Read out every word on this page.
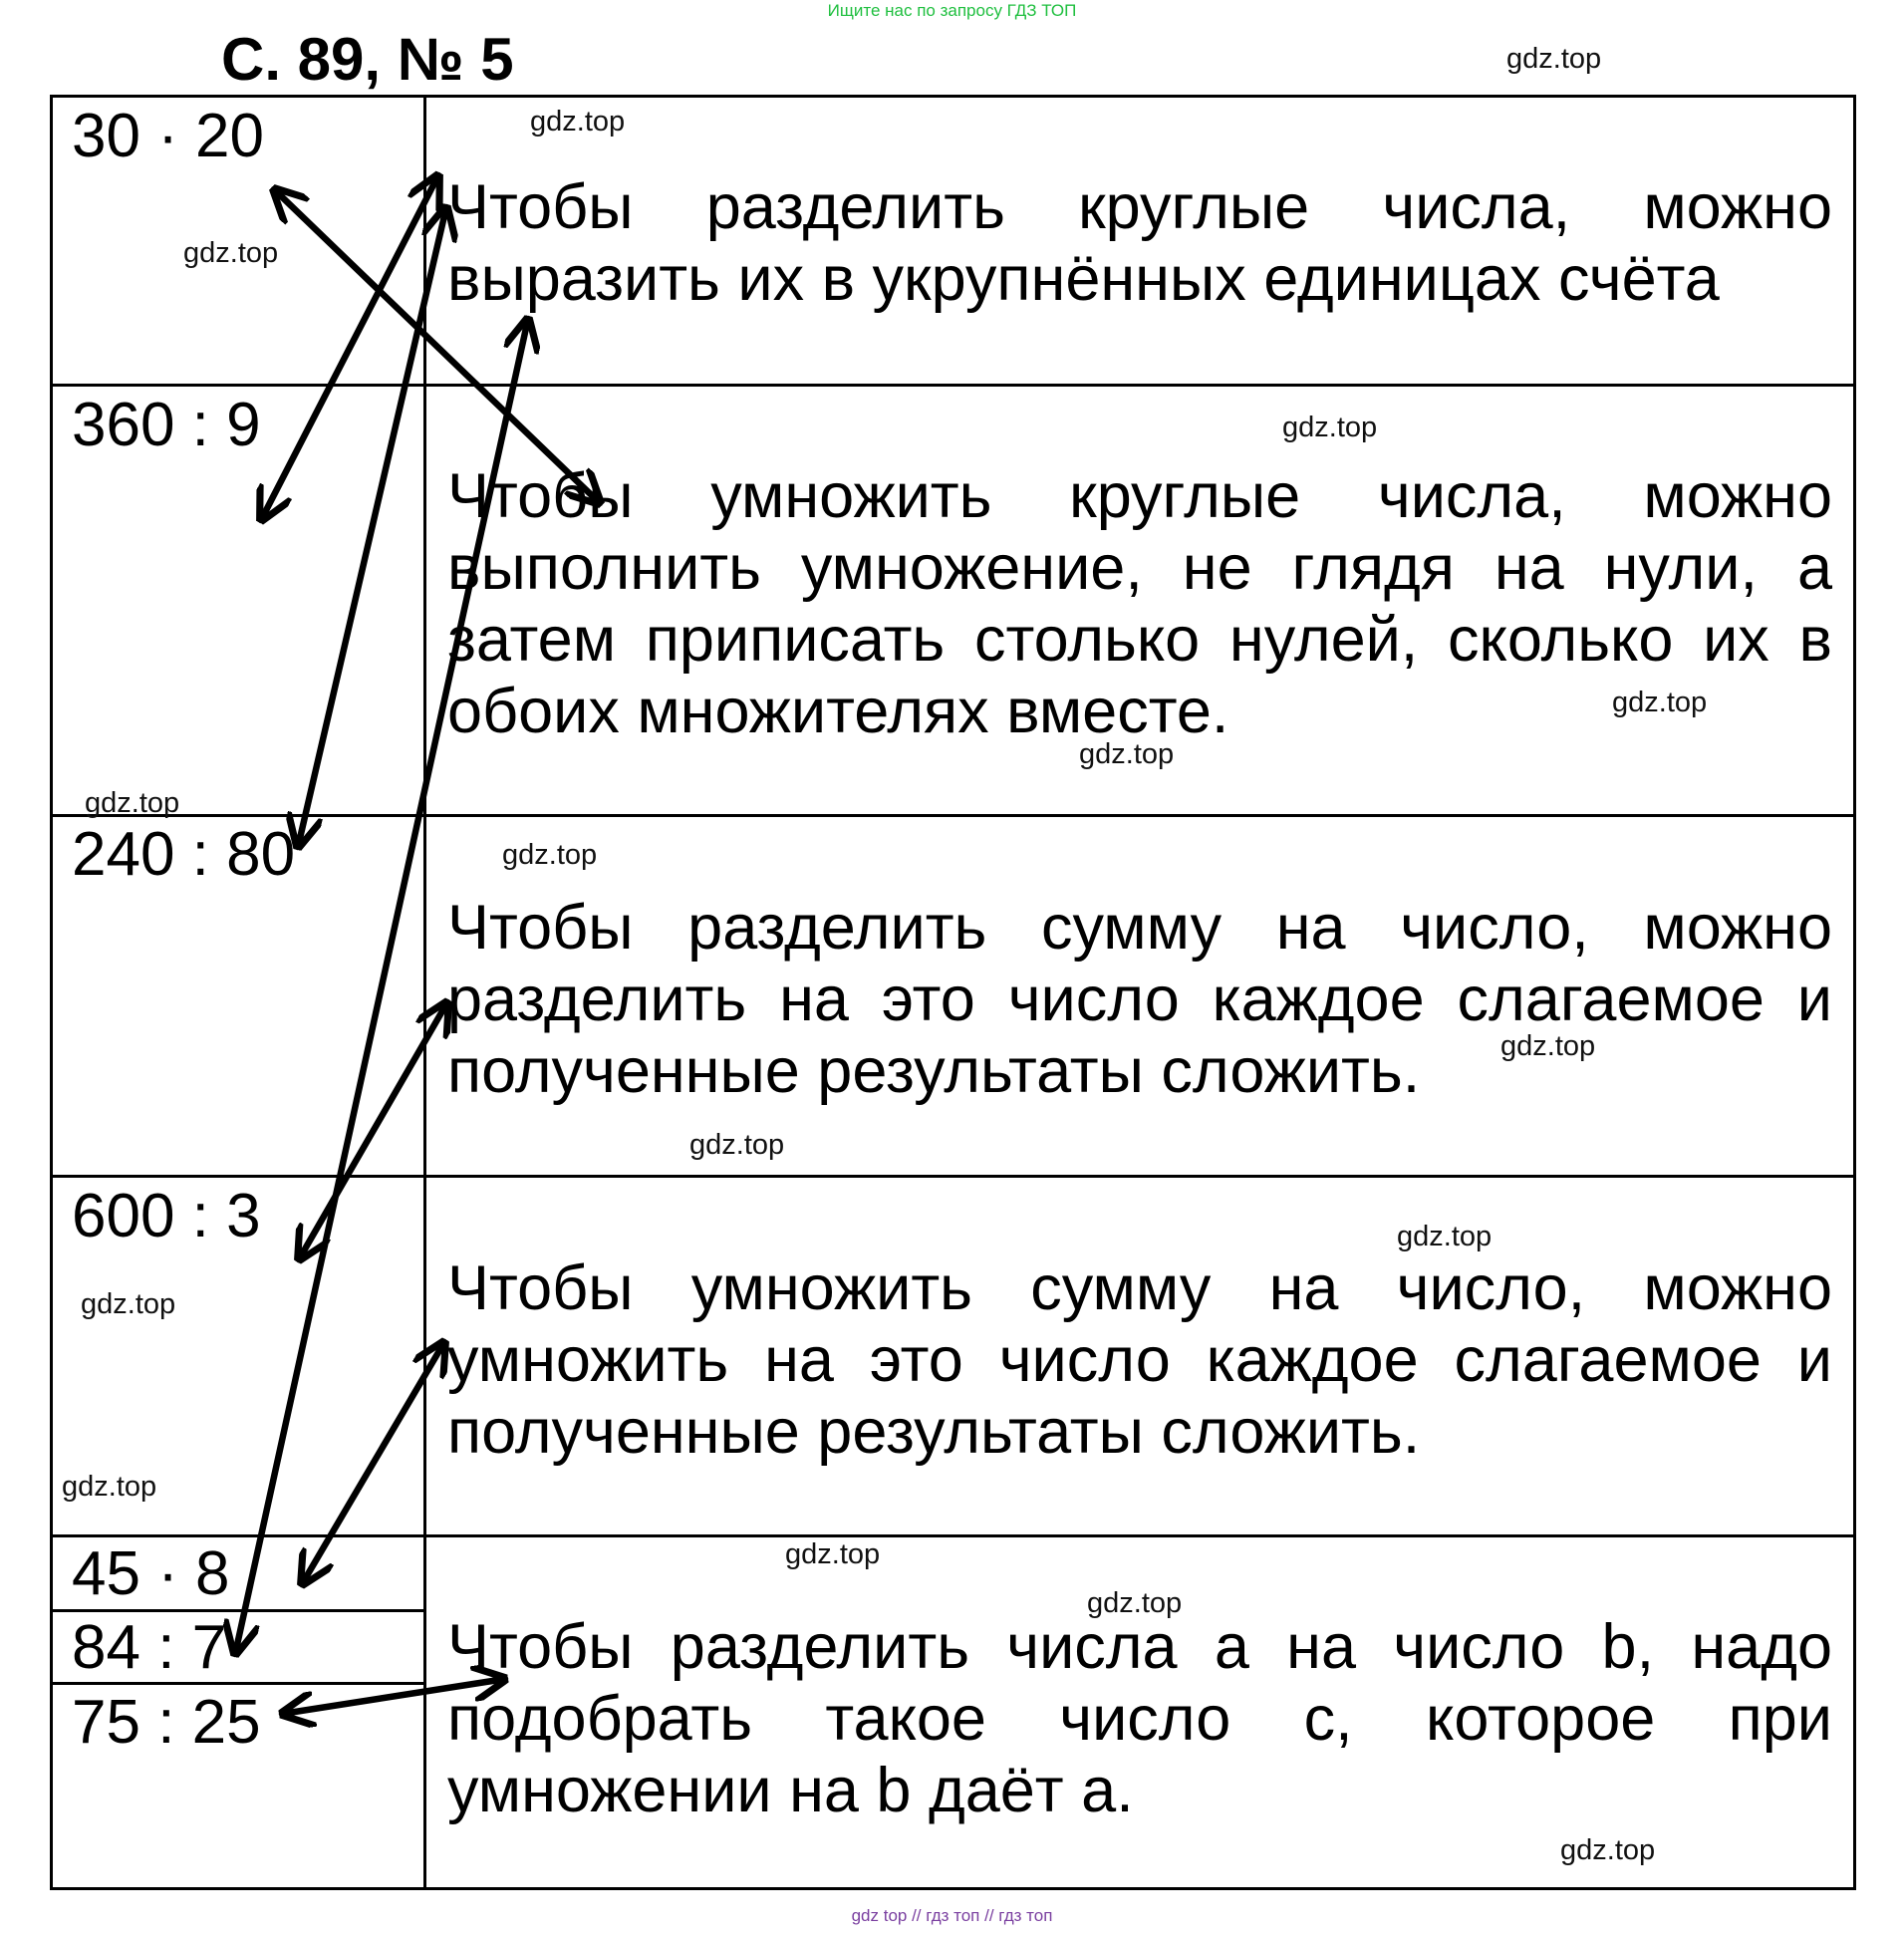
Ищите нас по запросу ГДЗ ТОП
С. 89, № 5
30 · 20
360 : 9
240 : 80
600 : 3
45 · 8
84 : 7
75 : 25
Чтобы разделить круглые числа, можно выразить их в укрупнённых единицах счёта
Чтобы умножить круглые числа, можно выполнить умножение, не глядя на нули, а затем приписать столько нулей, сколько их в обоих множителях вместе.
Чтобы разделить сумму на число, можно разделить на это число каждое слагаемое и полученные результаты сложить.
Чтобы умножить сумму на число, можно умножить на это число каждое слагаемое и полученные результаты сложить.
Чтобы разделить числа a на число b, надо подобрать такое число c, которое при умножении на b даёт a.
gdz.top
gdz.top
gdz.top
gdz.top
gdz.top
gdz.top
gdz.top
gdz.top
gdz.top
gdz.top
gdz.top
gdz.top
gdz.top
gdz.top
gdz.top
gdz.top
gdz top // гдз топ // гдз топ
